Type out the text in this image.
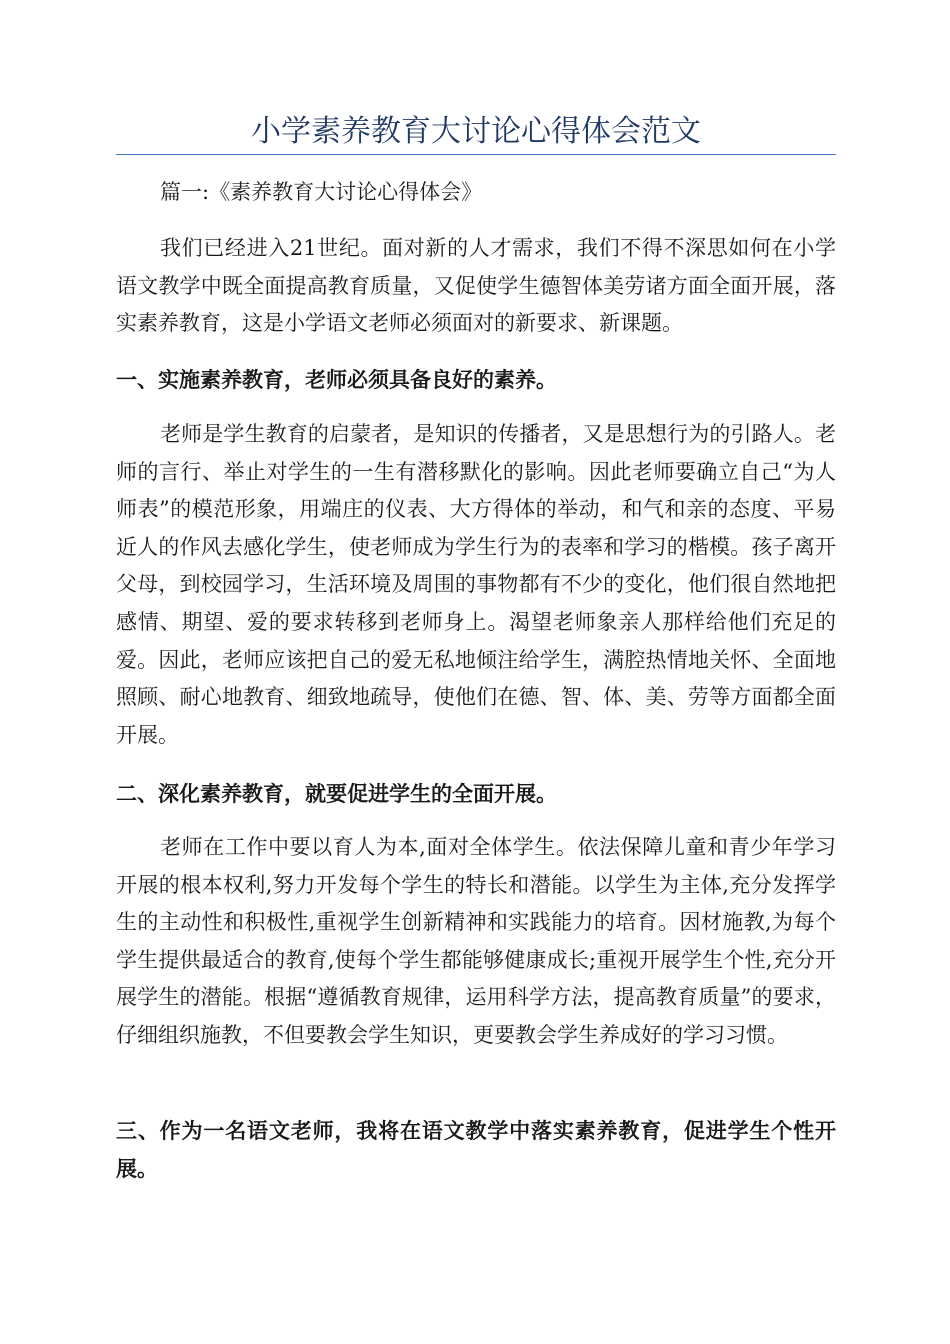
小学素养教育大讨论心得体会范文

篇一:《素养教育大讨论心得体会》

我们已经进入21世纪。面对新的人才需求，我们不得不深思如何在小学语文教学中既全面提高教育质量，又促使学生德智体美劳诸方面全面开展，落实素养教育，这是小学语文老师必须面对的新要求、新课题。

一、实施素养教育，老师必须具备良好的素养。

老师是学生教育的启蒙者，是知识的传播者，又是思想行为的引路人。老师的言行、举止对学生的一生有潜移默化的影响。因此老师要确立自己“为人师表”的模范形象，用端庄的仪表、大方得体的举动，和气和亲的态度、平易近人的作风去感化学生，使老师成为学生行为的表率和学习的楷模。孩子离开父母，到校园学习，生活环境及周围的事物都有不少的变化，他们很自然地把感情、期望、爱的要求转移到老师身上。渴望老师象亲人那样给他们充足的爱。因此，老师应该把自己的爱无私地倾注给学生，满腔热情地关怀、全面地照顾、耐心地教育、细致地疏导，使他们在德、智、体、美、劳等方面都全面开展。

二、深化素养教育，就要促进学生的全面开展。

老师在工作中要以育人为本,面对全体学生。依法保障儿童和青少年学习开展的根本权利,努力开发每个学生的特长和潜能。以学生为主体,充分发挥学生的主动性和积极性,重视学生创新精神和实践能力的培育。因材施教,为每个学生提供最适合的教育,使每个学生都能够健康成长;重视开展学生个性,充分开展学生的潜能。根据“遵循教育规律，运用科学方法，提高教育质量”的要求，仔细组织施教，不但要教会学生知识，更要教会学生养成好的学习习惯。

三、作为一名语文老师，我将在语文教学中落实素养教育，促进学生个性开展。
